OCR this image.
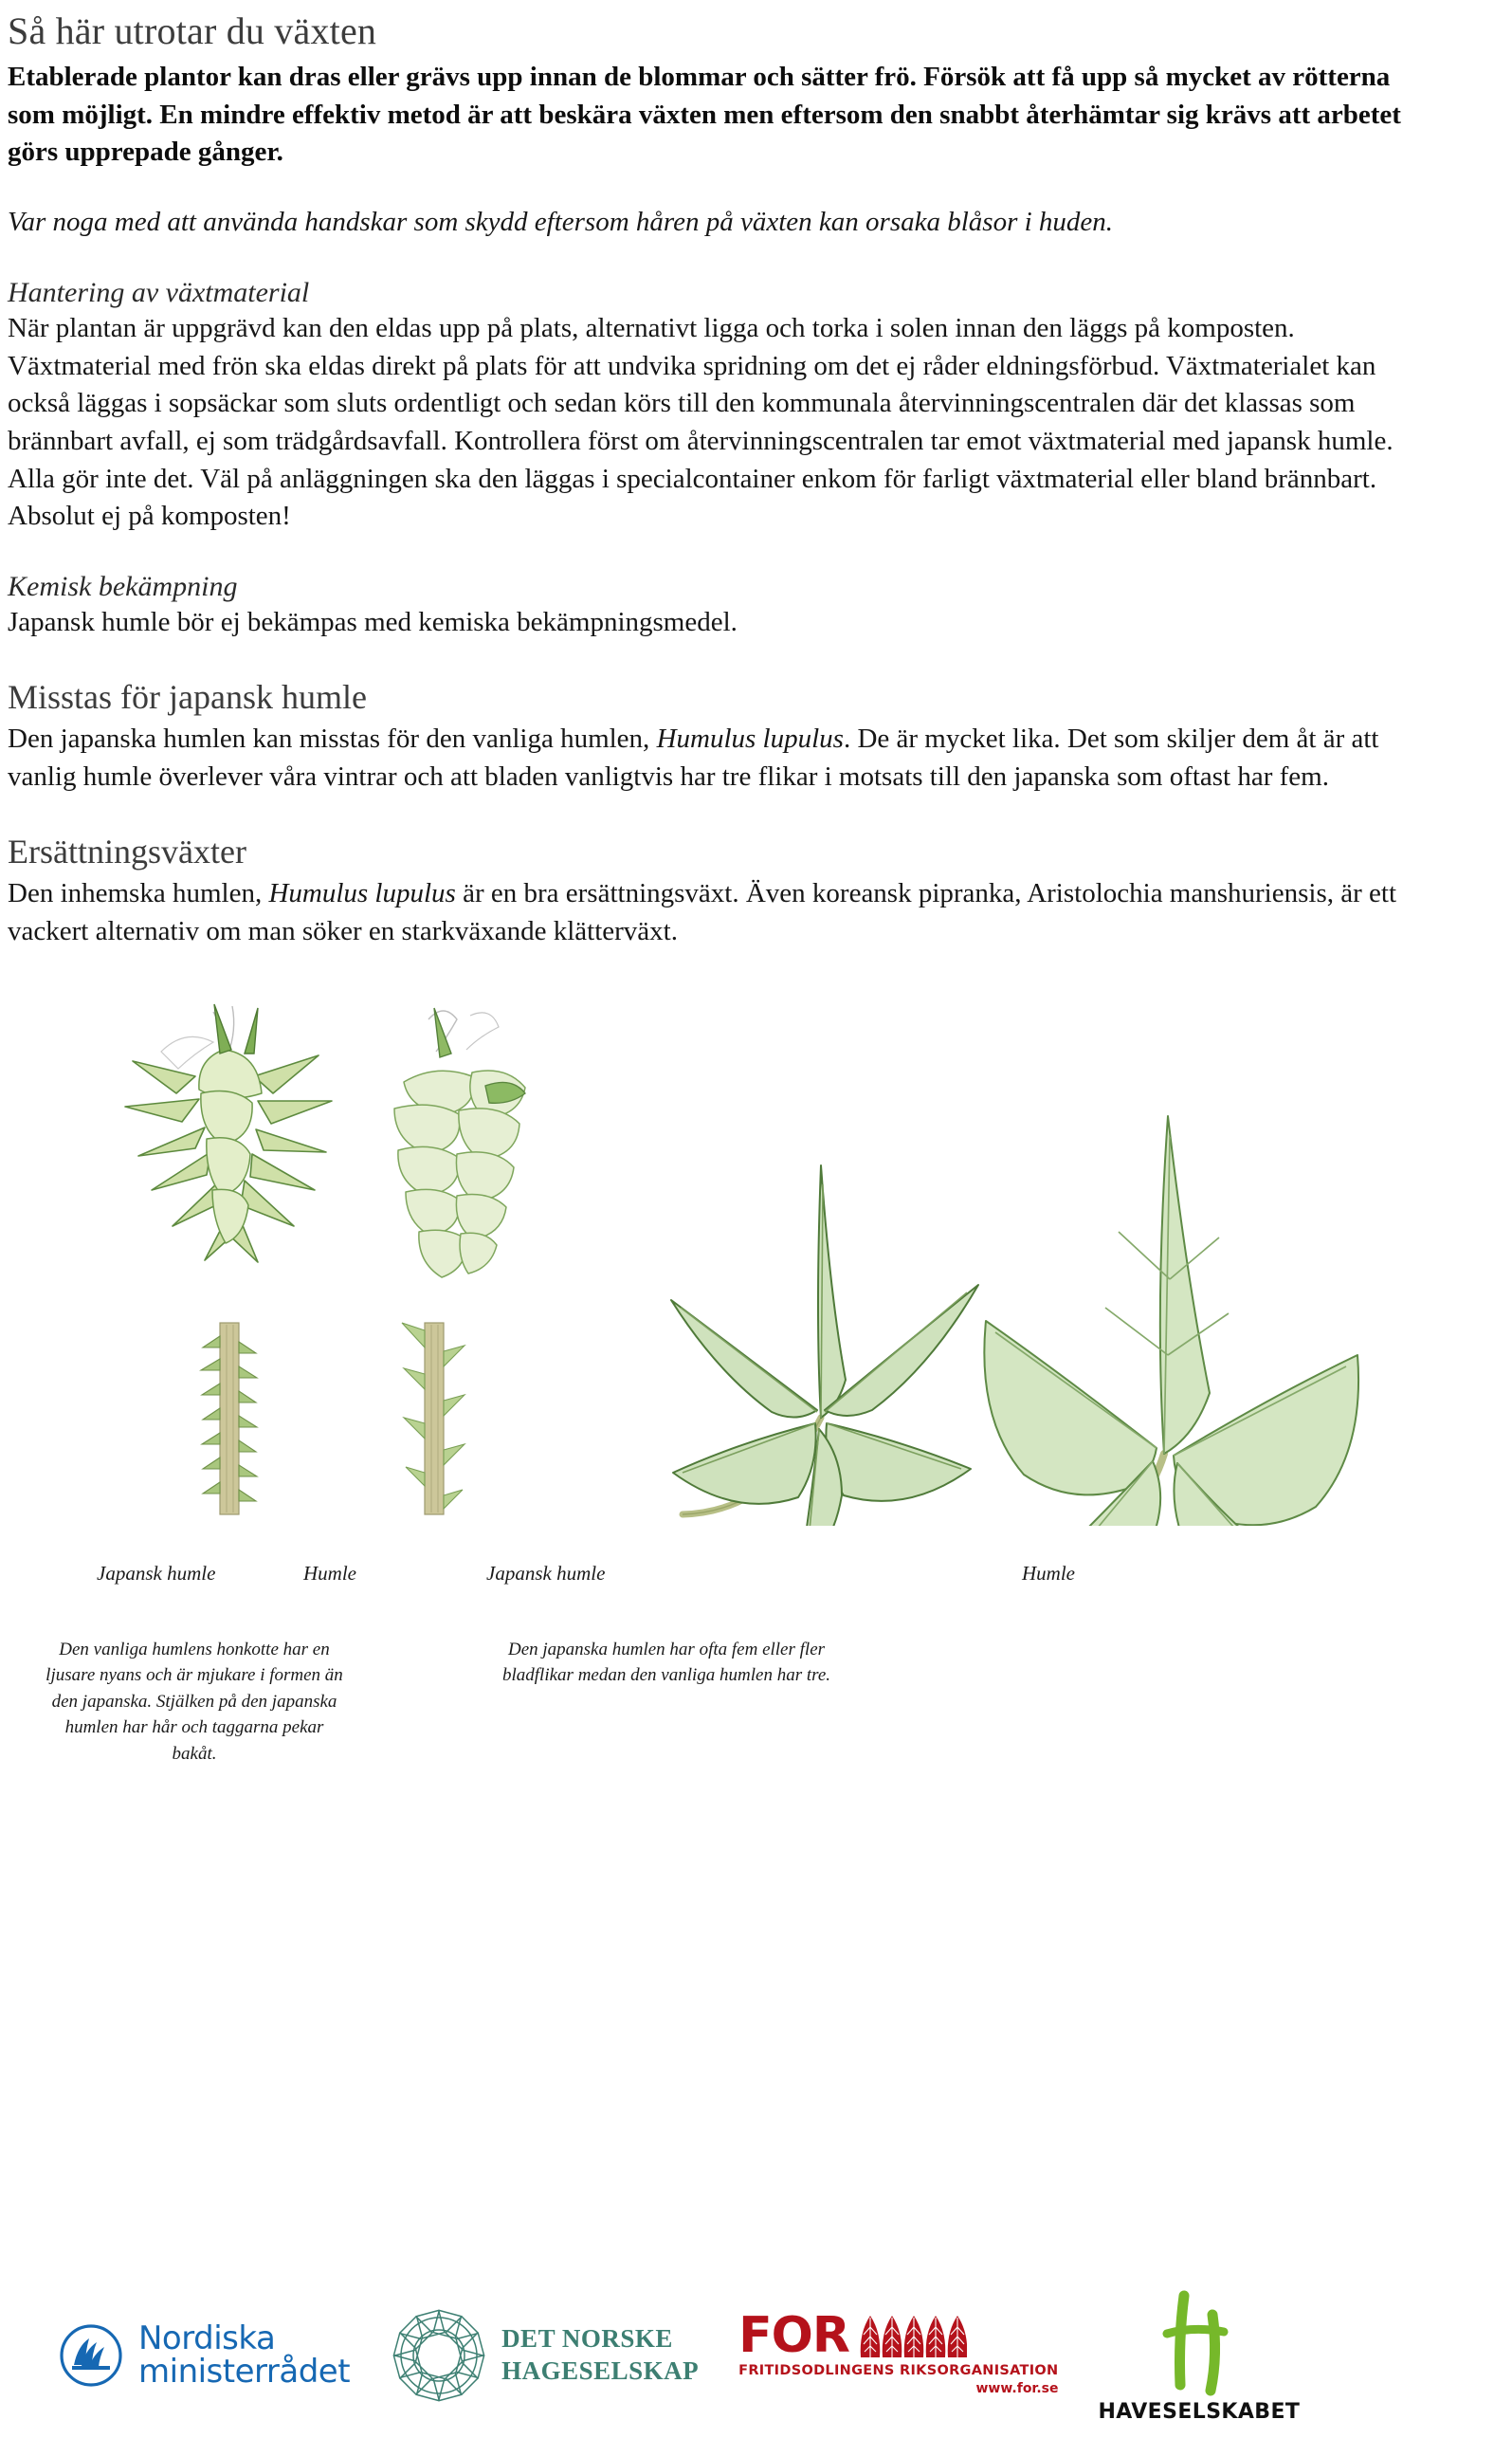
Så här utrotar du växten

Etablerade plantor kan dras eller grävs upp innan de blommar och sätter frö. Försök att få upp så mycket av rötterna som möjligt. En mindre effektiv metod är att beskära växten men eftersom den snabbt återhämtar sig krävs att arbetet görs upprepade gånger.

Var noga med att använda handskar som skydd eftersom håren på växten kan orsaka blåsor i huden.

Hantering av växtmaterial

När plantan är uppgrävd kan den eldas upp på plats, alternativt ligga och torka i solen innan den läggs på komposten. Växtmaterial med frön ska eldas direkt på plats för att undvika spridning om det ej råder eldningsförbud. Växtmaterialet kan också läggas i sopsäckar som sluts ordentligt och sedan körs till den kommunala återvinningscentralen där det klassas som brännbart avfall, ej som trädgårdsavfall. Kontrollera först om återvinningscentralen tar emot växtmaterial med japansk humle. Alla gör inte det. Väl på anläggningen ska den läggas i specialcontainer enkom för farligt växtmaterial eller bland brännbart. Absolut ej på komposten!

Kemisk bekämpning

Japansk humle bör ej bekämpas med kemiska bekämpningsmedel.

Misstas för japansk humle

Den japanska humlen kan misstas för den vanliga humlen, Humulus lupulus. De är mycket lika. Det som skiljer dem åt är att vanlig humle överlever våra vintrar och att bladen vanligtvis har tre flikar i motsats till den japanska som oftast har fem.

Ersättningsväxter

Den inhemska humlen, Humulus lupulus är en bra ersättningsväxt. Även koreansk pipranka, Aristolochia manshuriensis, är ett vackert alternativ om man söker en starkväxande klätterväxt.

Japansk humle	Humle	Japansk humle	Humle

Den vanliga humlens honkotte har en ljusare nyans och är mjukare i formen än den japanska. Stjälken på den japanska humlen har hår och taggarna pekar bakåt.

Den japanska humlen har ofta fem eller fler bladflikar medan den vanliga humlen har tre.

Nordiska
ministerrådet
DET NORSKE
HAGESELSKAP
FOR
FRITIDSODLINGENS RIKSORGANISATION
www.for.se
HAVESELSKABET
